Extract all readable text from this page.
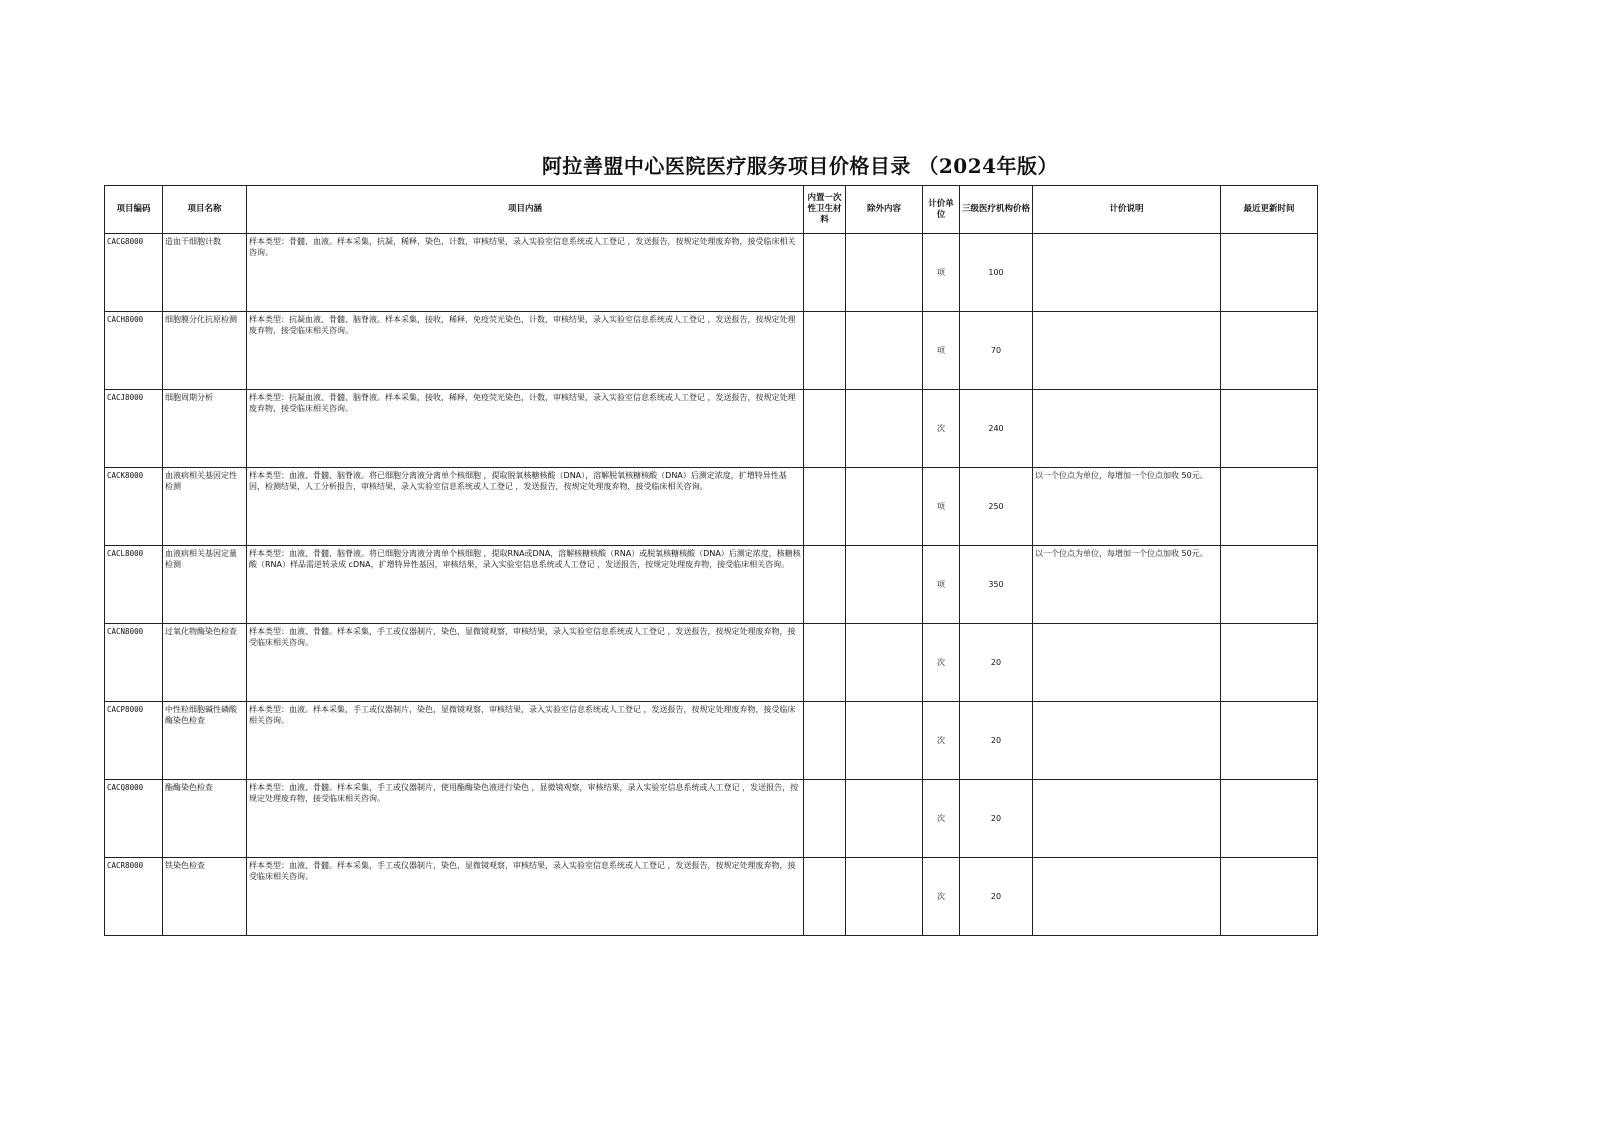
阿拉善盟中心医院医疗服务项目价格目录 （2024年版）
项目编码	项目名称	项目内涵	内置一次性卫生材料	除外内容	计价单位	三级医疗机构价格	计价说明	最近更新时间
CACG8000	造血干细胞计数	样本类型：骨髓、血液。样本采集，抗凝，稀释，染色，计数，审核结果，录入实验室信息系统或人工登记 ，发送报告，按规定处理废弃物，接受临床相关咨询。			项	100		
CACH8000	细胞膜分化抗原检测	样本类型：抗凝血液、骨髓、脑脊液。样本采集，接收，稀释，免疫荧光染色，计数，审核结果，录入实验室信息系统或人工登记 ，发送报告，按规定处理废弃物，接受临床相关咨询。			项	70		
CACJ8000	细胞周期分析	样本类型：抗凝血液、骨髓、脑脊液。样本采集，接收，稀释，免疫荧光染色，计数，审核结果，录入实验室信息系统或人工登记 ，发送报告，按规定处理废弃物，接受临床相关咨询。			次	240		
CACK8000	血液病相关基因定性检测	样本类型：血液、骨髓、脑脊液。将已细胞分离液分离单个核细胞 ，提取脱氧核糖核酸（DNA），溶解脱氧核糖核酸（DNA）后测定浓度，扩增特异性基因，检测结果，人工分析报告，审核结果，录入实验室信息系统或人工登记 ，发送报告，按规定处理废弃物，接受临床相关咨询。			项	250	以一个位点为单位，每增加一个位点加收 50元。	
CACL8000	血液病相关基因定量检测	样本类型：血液、骨髓、脑脊液。将已细胞分离液分离单个核细胞 ，提取RNA或DNA，溶解核糖核酸（RNA）或脱氧核糖核酸（DNA）后测定浓度，核糖核酸（RNA）样品需逆转录成 cDNA，扩增特异性基因，审核结果，录入实验室信息系统或人工登记 ，发送报告，按规定处理废弃物，接受临床相关咨询。			项	350	以一个位点为单位，每增加一个位点加收 50元。	
CACN8000	过氧化物酶染色检查	样本类型：血液、骨髓。样本采集，手工或仪器制片，染色，显微镜观察，审核结果，录入实验室信息系统或人工登记 ，发送报告，按规定处理废弃物，接受临床相关咨询。			次	20		
CACP8000	中性粒细胞碱性磷酸酶染色检查	样本类型：血液。样本采集，手工或仪器制片，染色，显微镜观察，审核结果，录入实验室信息系统或人工登记 ，发送报告，按规定处理废弃物，接受临床相关咨询。			次	20		
CACQ8000	酯酶染色检查	样本类型：血液、骨髓。样本采集，手工或仪器制片，使用酯酶染色液进行染色 ，显微镜观察，审核结果，录入实验室信息系统或人工登记 ，发送报告，按规定处理废弃物，接受临床相关咨询。			次	20		
CACR8000	铁染色检查	样本类型：血液、骨髓。样本采集，手工或仪器制片，染色，显微镜观察，审核结果，录入实验室信息系统或人工登记 ，发送报告，按规定处理废弃物，接受临床相关咨询。			次	20		
